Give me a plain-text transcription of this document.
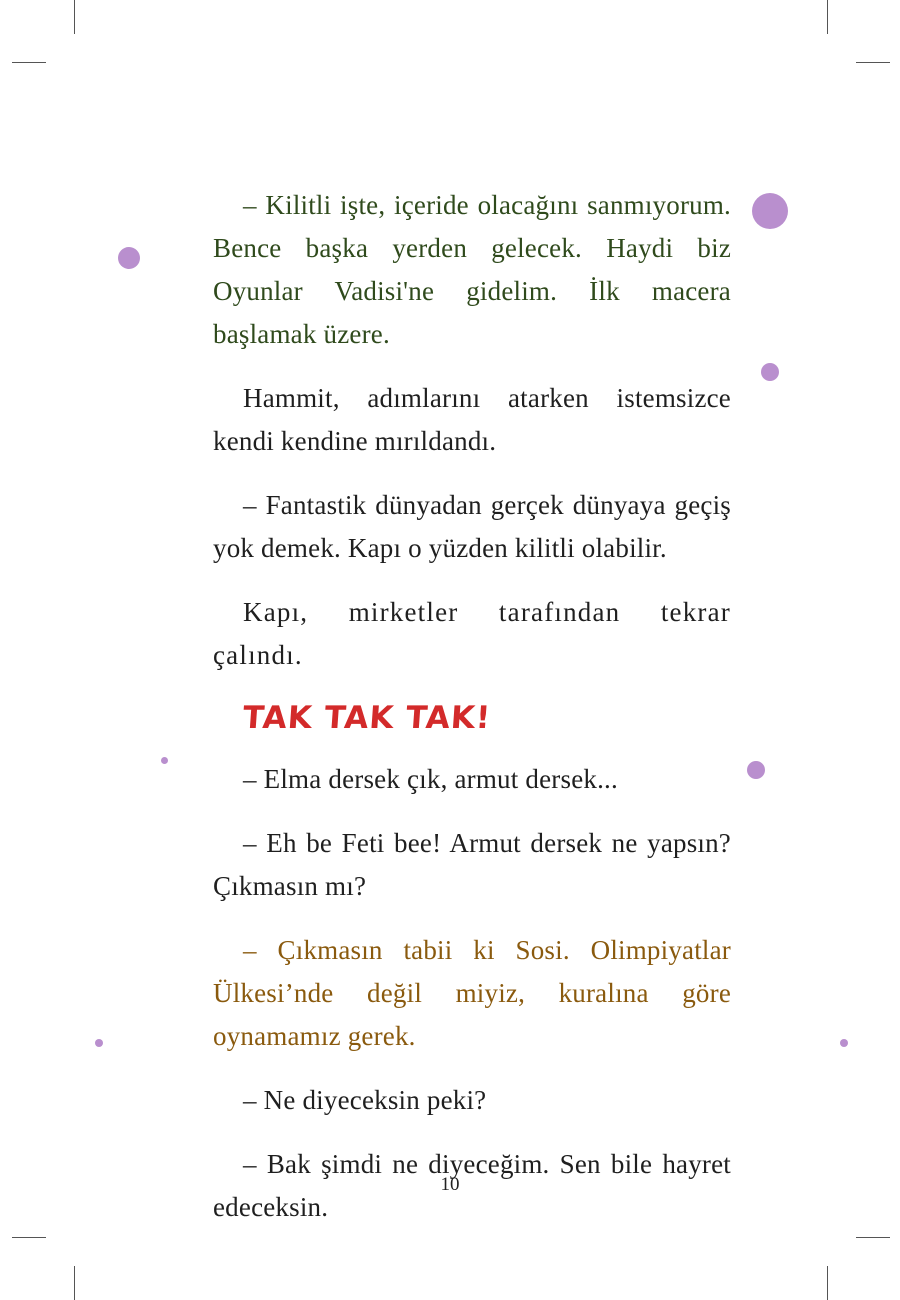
– Kilitli işte, içeride olacağını sanmıyorum. Bence başka yerden gelecek. Haydi biz Oyunlar Vadisi'ne gidelim. İlk macera başlamak üzere.

Hammit, adımlarını atarken istemsizce kendi kendine mırıldandı.

– Fantastik dünyadan gerçek dünyaya geçiş yok demek. Kapı o yüzden kilitli olabilir.

Kapı, mirketler tarafından tekrar çalındı.

TAK TAK TAK!

– Elma dersek çık, armut dersek...

– Eh be Feti bee! Armut dersek ne yapsın? Çıkmasın mı?

– Çıkmasın tabii ki Sosi. Olimpiyatlar Ülkesi’nde değil miyiz, kuralına göre oynamamız gerek.

– Ne diyeceksin peki?

– Bak şimdi ne diyeceğim. Sen bile hayret edeceksin.

10
